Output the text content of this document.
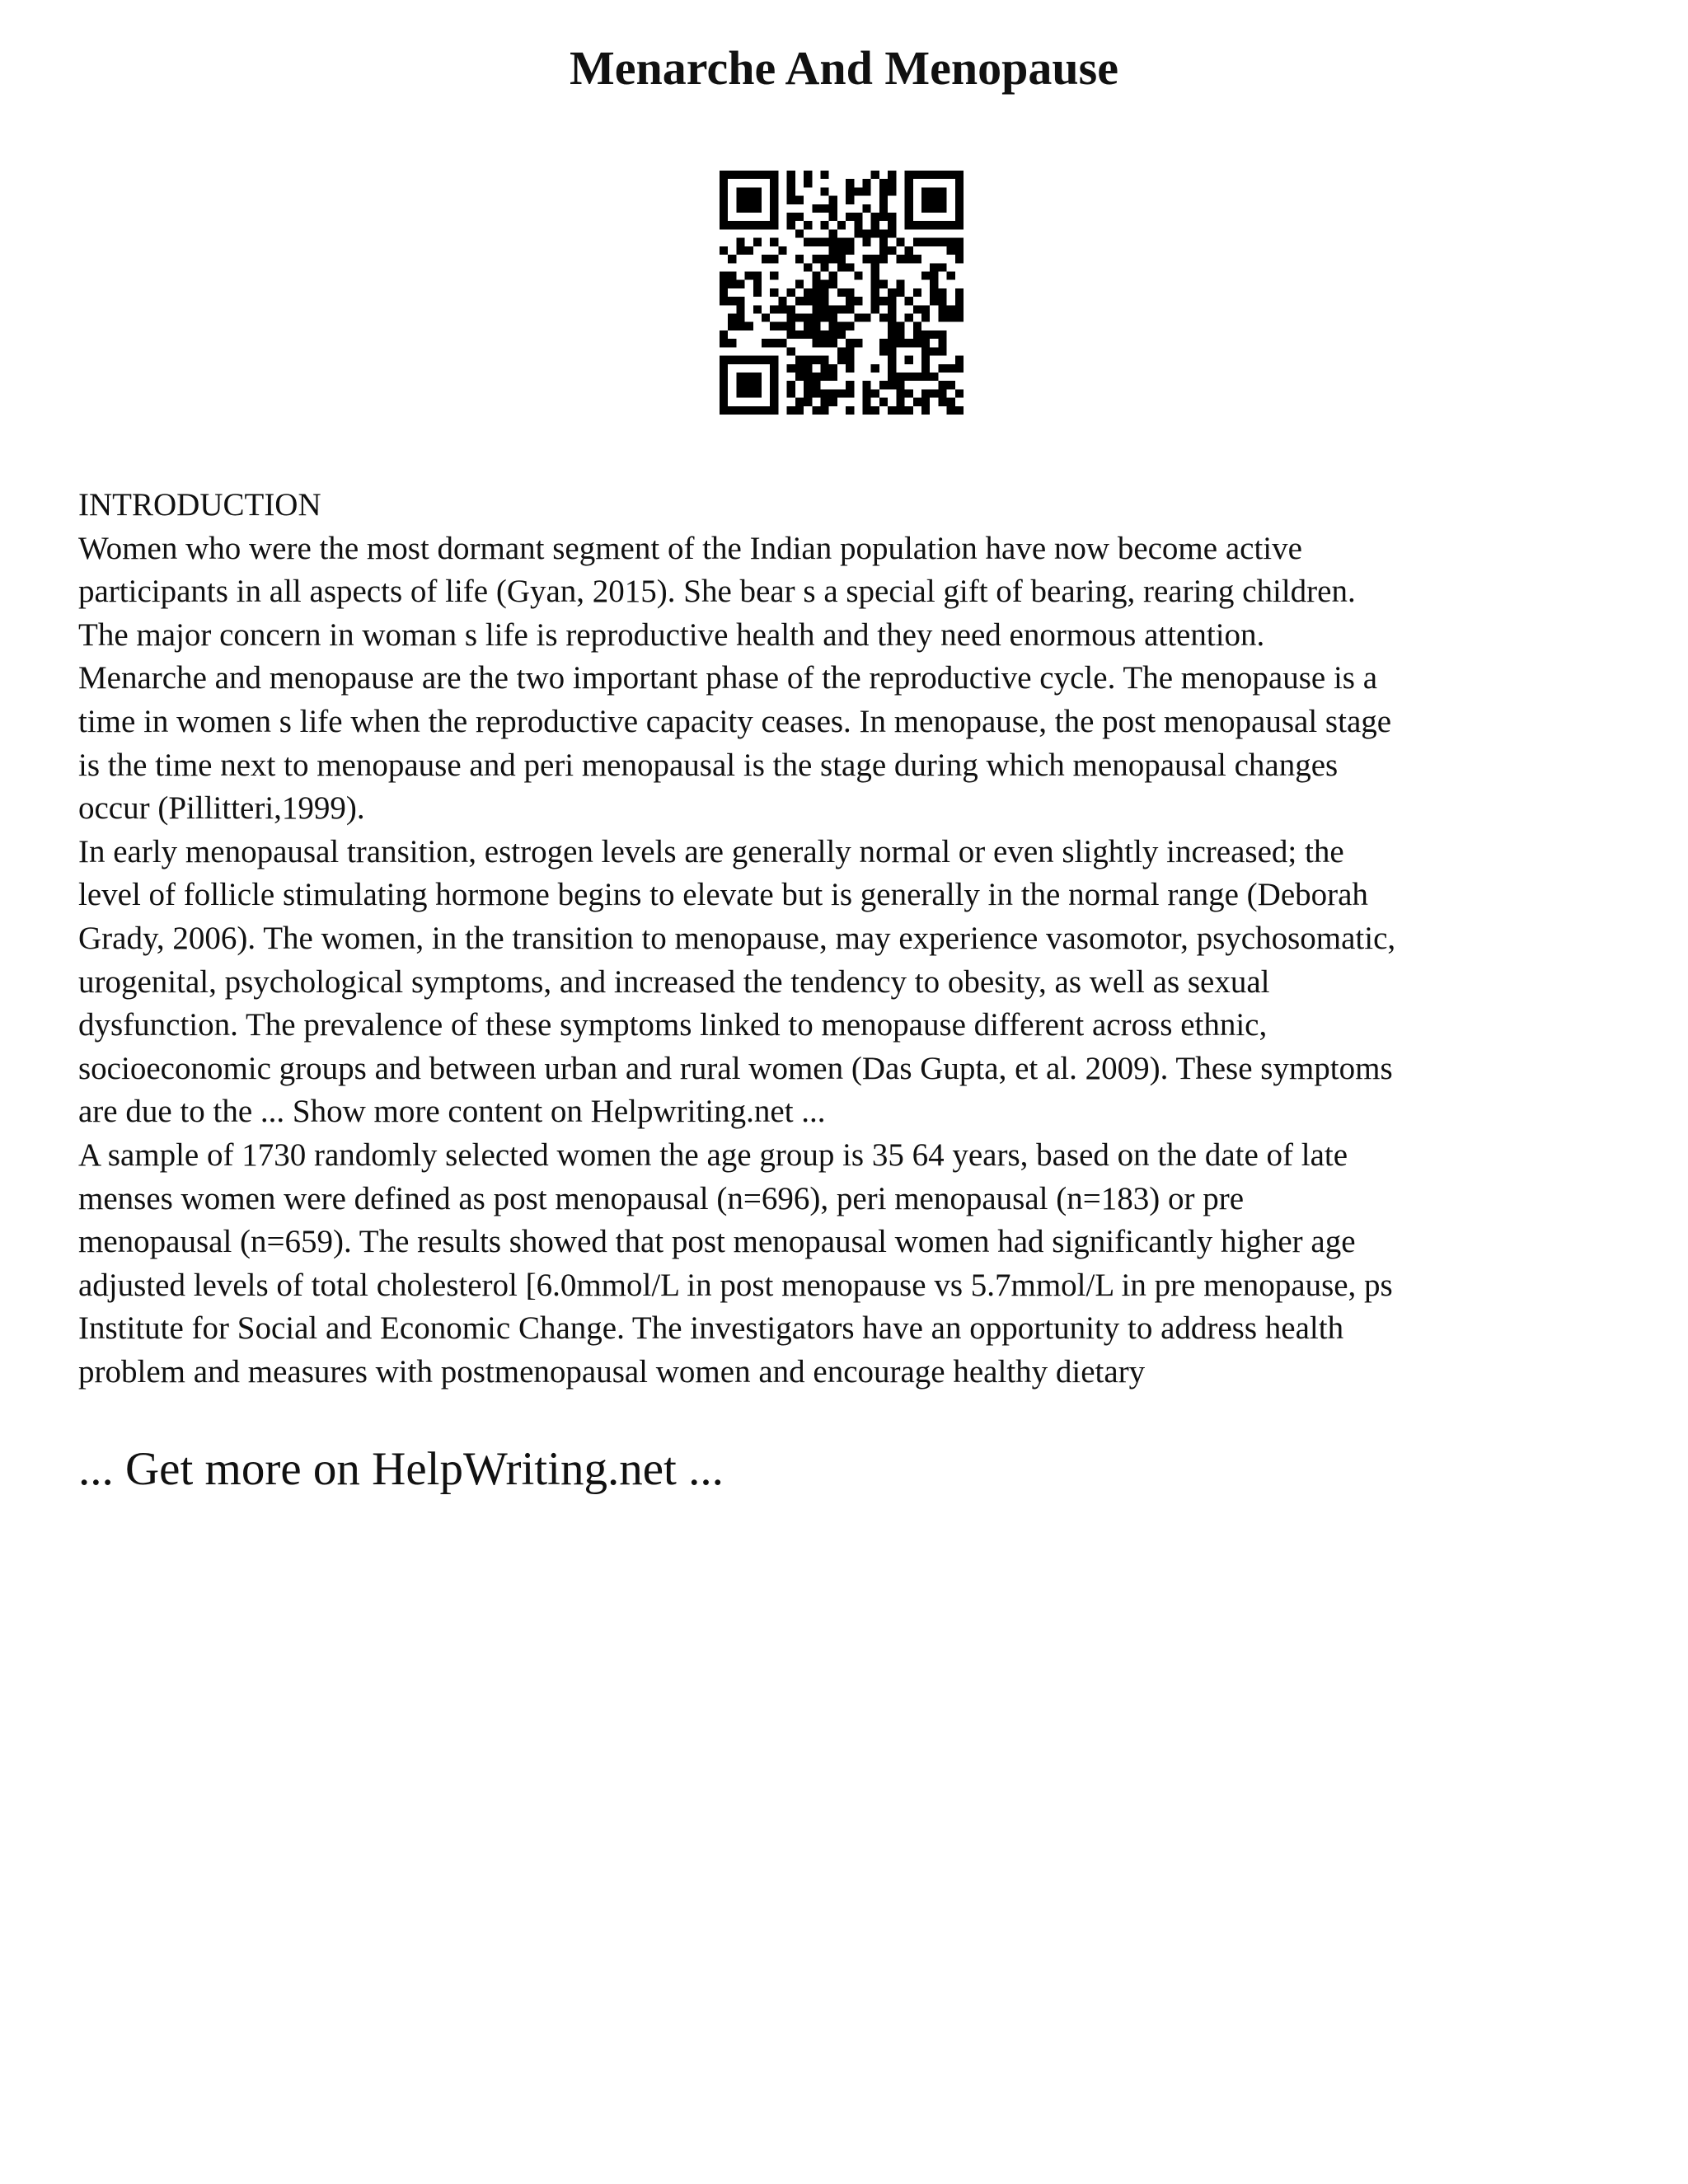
Menarche And Menopause
INTRODUCTION
Women who were the most dormant segment of the Indian population have now become active
participants in all aspects of life (Gyan, 2015). She bear s a special gift of bearing, rearing children.
The major concern in woman s life is reproductive health and they need enormous attention.
Menarche and menopause are the two important phase of the reproductive cycle. The menopause is a
time in women s life when the reproductive capacity ceases. In menopause, the post menopausal stage
is the time next to menopause and peri menopausal is the stage during which menopausal changes
occur (Pillitteri,1999).
In early menopausal transition, estrogen levels are generally normal or even slightly increased; the
level of follicle stimulating hormone begins to elevate but is generally in the normal range (Deborah
Grady, 2006). The women, in the transition to menopause, may experience vasomotor, psychosomatic,
urogenital, psychological symptoms, and increased the tendency to obesity, as well as sexual
dysfunction. The prevalence of these symptoms linked to menopause different across ethnic,
socioeconomic groups and between urban and rural women (Das Gupta, et al. 2009). These symptoms
are due to the ... Show more content on Helpwriting.net ...
A sample of 1730 randomly selected women the age group is 35 64 years, based on the date of late
menses women were defined as post menopausal (n=696), peri menopausal (n=183) or pre
menopausal (n=659). The results showed that post menopausal women had significantly higher age
adjusted levels of total cholesterol [6.0mmol/L in post menopause vs 5.7mmol/L in pre menopause, ps
Institute for Social and Economic Change. The investigators have an opportunity to address health
problem and measures with postmenopausal women and encourage healthy dietary
... Get more on HelpWriting.net ...
